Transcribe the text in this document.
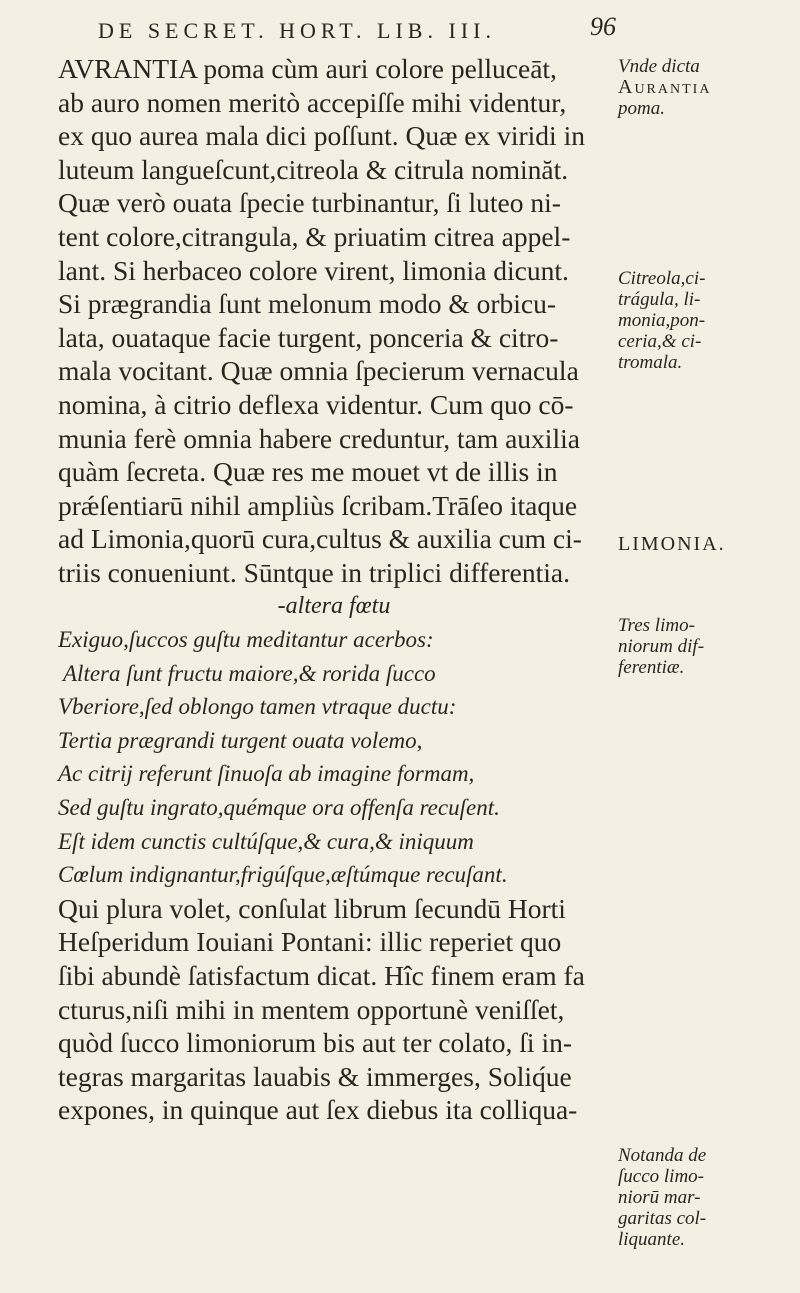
DE SECRET. HORT. LIB. III.	96
AVRANTIA poma cùm auri colore pelluceāt,
ab auro nomen meritò accepiſſe mihi videntur,
ex quo aurea mala dici poſſunt. Quæ ex viridi in
luteum langueſcunt,citreola & citrula nominăt.
Quæ verò ouata ſpecie turbinantur, ſi luteo ni-
tent colore,citrangula, & priuatim citrea appel-
lant. Si herbaceo colore virent, limonia dicunt.
Si prægrandia ſunt melonum modo & orbicu-
lata, ouataque facie turgent, ponceria & citro-
mala vocitant. Quæ omnia ſpecierum vernacula
nomina, à citrio deflexa videntur. Cum quo cō-
munia ferè omnia habere creduntur, tam auxilia
quàm ſecreta. Quæ res me mouet vt de illis in
prǽſentiarū nihil ampliùs ſcribam.Trāſeo itaque
ad Limonia,quorū cura,cultus & auxilia cum ci-
triis conueniunt. Sūntque in triplici differentia.
-altera fœtu
Exiguo,ſuccos guſtu meditantur acerbos:
Altera ſunt fructu maiore,& rorida ſucco
Vberiore,ſed oblongo tamen vtraque ductu:
Tertia prægrandi turgent ouata volemo,
Ac citrij referunt ſinuoſa ab imagine formam,
Sed guſtu ingrato,quémque ora offenſa recuſent.
Eſt idem cunctis cultúſque,& cura,& iniquum
Cœlum indignantur,frigúſque,æſtúmque recuſant.
Qui plura volet, conſulat librum ſecundū Horti
Heſperidum Iouiani Pontani: illic reperiet quo
ſibi abundè ſatisfactum dicat. Hîc finem eram fa
cturus,niſi mihi in mentem opportunè veniſſet,
quòd ſucco limoniorum bis aut ter colato, ſi in-
tegras margaritas lauabis & immerges, Soliq́ue
expones, in quinque aut ſex diebus ita colliqua-
Vnde dicta
Aurantia
poma.
Citreola,ci-
trágula, li-
monia,pon-
ceria,& ci-
tromala.
LIMONIA.
Tres limo-
niorum dif-
ferentiæ.
Notanda de
ſucco limo-
niorū mar-
garitas col-
liquante.
